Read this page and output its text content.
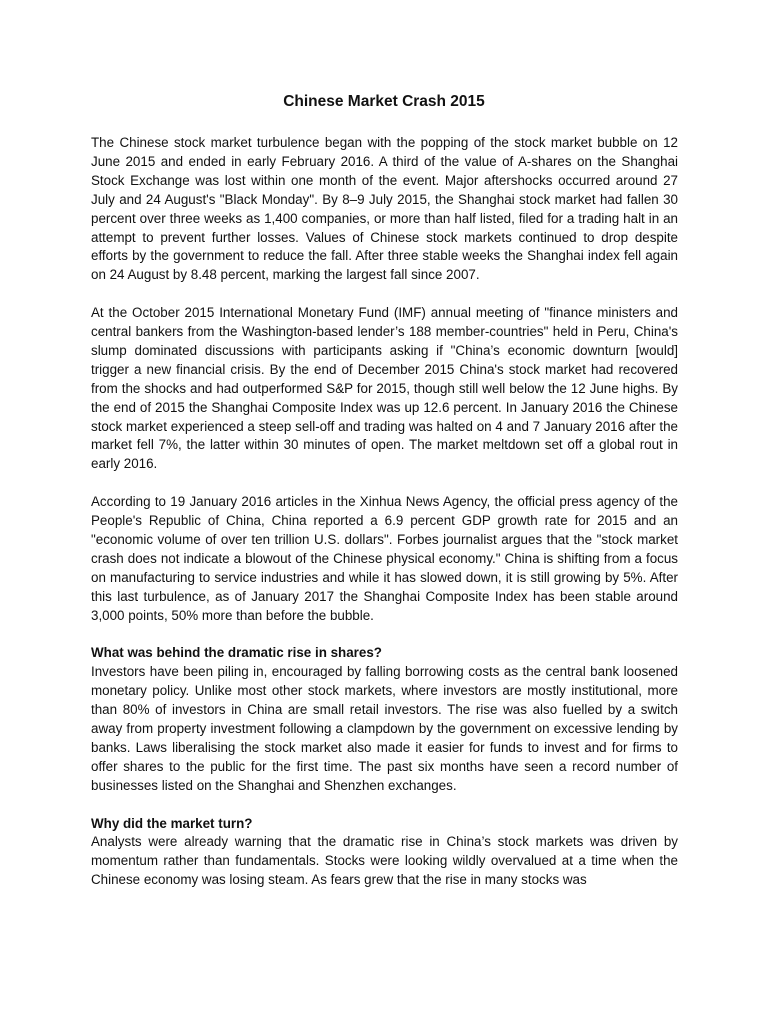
Chinese Market Crash 2015

The Chinese stock market turbulence began with the popping of the stock market bubble on 12 June 2015 and ended in early February 2016. A third of the value of A-shares on the Shanghai Stock Exchange was lost within one month of the event. Major aftershocks occurred around 27 July and 24 August's "Black Monday". By 8–9 July 2015, the Shanghai stock market had fallen 30 percent over three weeks as 1,400 companies, or more than half listed, filed for a trading halt in an attempt to prevent further losses. Values of Chinese stock markets continued to drop despite efforts by the government to reduce the fall. After three stable weeks the Shanghai index fell again on 24 August by 8.48 percent, marking the largest fall since 2007.

At the October 2015 International Monetary Fund (IMF) annual meeting of "finance ministers and central bankers from the Washington-based lender’s 188 member-countries" held in Peru, China's slump dominated discussions with participants asking if "China’s economic downturn [would] trigger a new financial crisis. By the end of December 2015 China's stock market had recovered from the shocks and had outperformed S&P for 2015, though still well below the 12 June highs. By the end of 2015 the Shanghai Composite Index was up 12.6 percent. In January 2016 the Chinese stock market experienced a steep sell-off and trading was halted on 4 and 7 January 2016 after the market fell 7%, the latter within 30 minutes of open. The market meltdown set off a global rout in early 2016.

According to 19 January 2016 articles in the Xinhua News Agency, the official press agency of the People's Republic of China, China reported a 6.9 percent GDP growth rate for 2015 and an "economic volume of over ten trillion U.S. dollars". Forbes journalist argues that the "stock market crash does not indicate a blowout of the Chinese physical economy." China is shifting from a focus on manufacturing to service industries and while it has slowed down, it is still growing by 5%. After this last turbulence, as of January 2017 the Shanghai Composite Index has been stable around 3,000 points, 50% more than before the bubble.

What was behind the dramatic rise in shares?

Investors have been piling in, encouraged by falling borrowing costs as the central bank loosened monetary policy. Unlike most other stock markets, where investors are mostly institutional, more than 80% of investors in China are small retail investors. The rise was also fuelled by a switch away from property investment following a clampdown by the government on excessive lending by banks. Laws liberalising the stock market also made it easier for funds to invest and for firms to offer shares to the public for the first time. The past six months have seen a record number of businesses listed on the Shanghai and Shenzhen exchanges.

Why did the market turn?

Analysts were already warning that the dramatic rise in China’s stock markets was driven by momentum rather than fundamentals. Stocks were looking wildly overvalued at a time when the Chinese economy was losing steam. As fears grew that the rise in many stocks was
